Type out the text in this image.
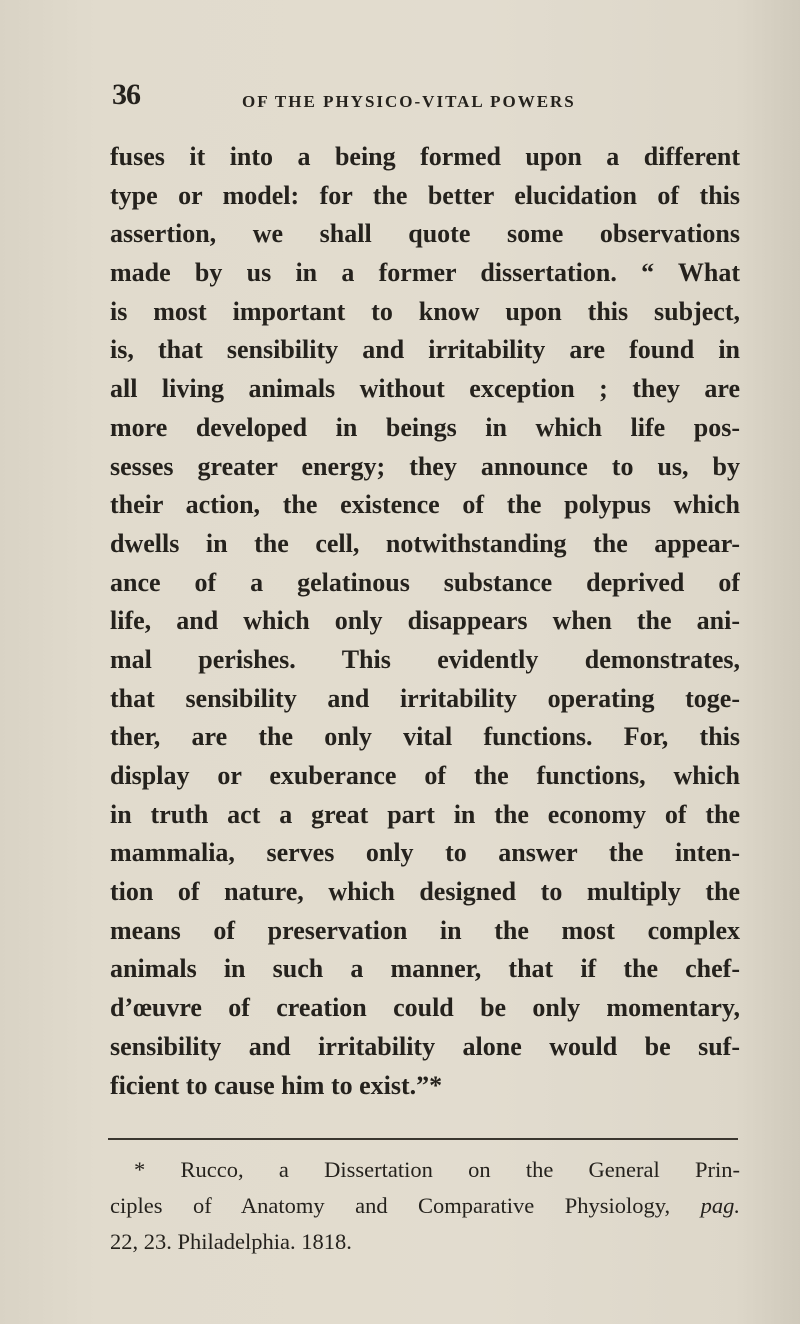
36	OF THE PHYSICO-VITAL POWERS
fuses it into a being formed upon a different
type or model: for the better elucidation of this
assertion, we shall quote some observations
made by us in a former dissertation. “ What
is most important to know upon this subject,
is, that sensibility and irritability are found in
all living animals without exception ; they are
more developed in beings in which life pos-
sesses greater energy; they announce to us, by
their action, the existence of the polypus which
dwells in the cell, notwithstanding the appear-
ance of a gelatinous substance deprived of
life, and which only disappears when the ani-
mal perishes. This evidently demonstrates,
that sensibility and irritability operating toge-
ther, are the only vital functions. For, this
display or exuberance of the functions, which
in truth act a great part in the economy of the
mammalia, serves only to answer the inten-
tion of nature, which designed to multiply the
means of preservation in the most complex
animals in such a manner, that if the chef-
d’œuvre of creation could be only momentary,
sensibility and irritability alone would be suf-
ficient to cause him to exist.”*
* Rucco, a Dissertation on the General Prin-
ciples of Anatomy and Comparative Physiology, pag.
22, 23. Philadelphia. 1818.
